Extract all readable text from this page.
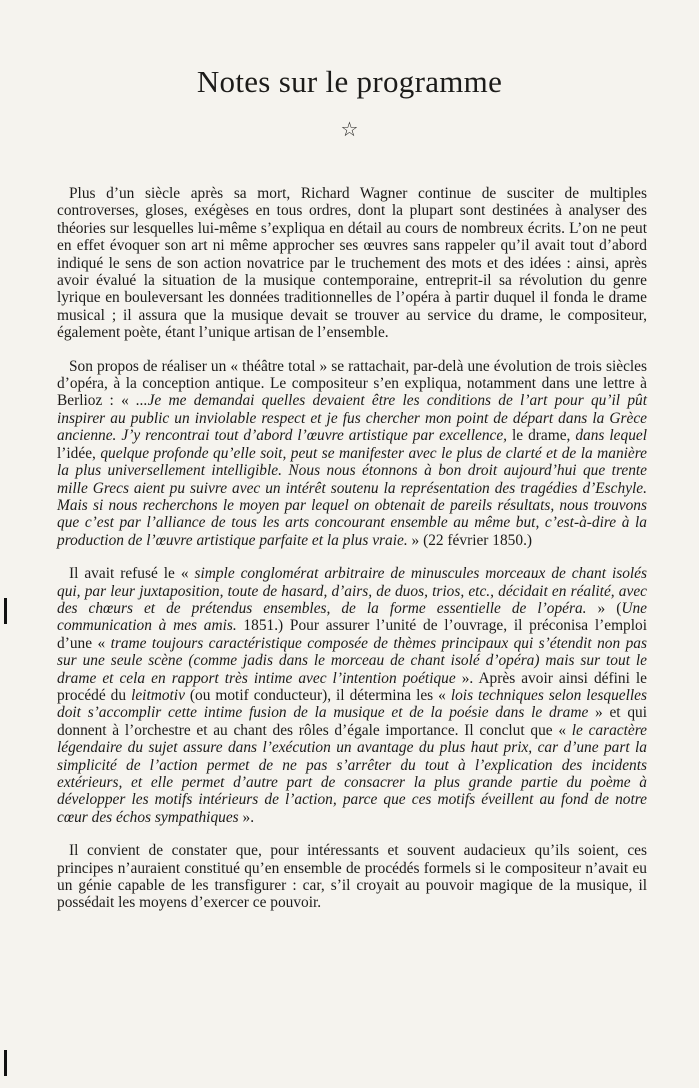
Notes sur le programme
☆

Plus d’un siècle après sa mort, Richard Wagner continue de susciter de multiples controverses, gloses, exégèses en tous ordres, dont la plupart sont destinées à analyser des théories sur lesquelles lui-même s’expliqua en détail au cours de nombreux écrits. L’on ne peut en effet évoquer son art ni même approcher ses œuvres sans rappeler qu’il avait tout d’abord indiqué le sens de son action novatrice par le truchement des mots et des idées : ainsi, après avoir évalué la situation de la musique contemporaine, entreprit-il sa révolution du genre lyrique en bouleversant les données traditionnelles de l’opéra à partir duquel il fonda le drame musical ; il assura que la musique devait se trouver au service du drame, le compositeur, également poète, étant l’unique artisan de l’ensemble.

Son propos de réaliser un « théâtre total » se rattachait, par-delà une évolution de trois siècles d’opéra, à la conception antique. Le compositeur s’en expliqua, notamment dans une lettre à Berlioz : « ...Je me demandai quelles devaient être les conditions de l’art pour qu’il pût inspirer au public un inviolable respect et je fus chercher mon point de départ dans la Grèce ancienne. J’y rencontrai tout d’abord l’œuvre artistique par excellence, le drame, dans lequel l’idée, quelque profonde qu’elle soit, peut se manifester avec le plus de clarté et de la manière la plus universellement intelligible. Nous nous étonnons à bon droit aujourd’hui que trente mille Grecs aient pu suivre avec un intérêt soutenu la représentation des tragédies d’Eschyle. Mais si nous recherchons le moyen par lequel on obtenait de pareils résultats, nous trouvons que c’est par l’alliance de tous les arts concourant ensemble au même but, c’est-à-dire à la production de l’œuvre artistique parfaite et la plus vraie. » (22 février 1850.)

Il avait refusé le « simple conglomérat arbitraire de minuscules morceaux de chant isolés qui, par leur juxtaposition, toute de hasard, d’airs, de duos, trios, etc., décidait en réalité, avec des chœurs et de prétendus ensembles, de la forme essentielle de l’opéra. » (Une communication à mes amis. 1851.) Pour assurer l’unité de l’ouvrage, il préconisa l’emploi d’une « trame toujours caractéristique composée de thèmes principaux qui s’étendit non pas sur une seule scène (comme jadis dans le morceau de chant isolé d’opéra) mais sur tout le drame et cela en rapport très intime avec l’intention poétique ». Après avoir ainsi défini le procédé du leitmotiv (ou motif conducteur), il détermina les « lois techniques selon lesquelles doit s’accomplir cette intime fusion de la musique et de la poésie dans le drame » et qui donnent à l’orchestre et au chant des rôles d’égale importance. Il conclut que « le caractère légendaire du sujet assure dans l’exécution un avantage du plus haut prix, car d’une part la simplicité de l’action permet de ne pas s’arrêter du tout à l’explication des incidents extérieurs, et elle permet d’autre part de consacrer la plus grande partie du poème à développer les motifs intérieurs de l’action, parce que ces motifs éveillent au fond de notre cœur des échos sympathiques ».

Il convient de constater que, pour intéressants et souvent audacieux qu’ils soient, ces principes n’auraient constitué qu’en ensemble de procédés formels si le compositeur n’avait eu un génie capable de les transfigurer : car, s’il croyait au pouvoir magique de la musique, il possédait les moyens d’exercer ce pouvoir.
